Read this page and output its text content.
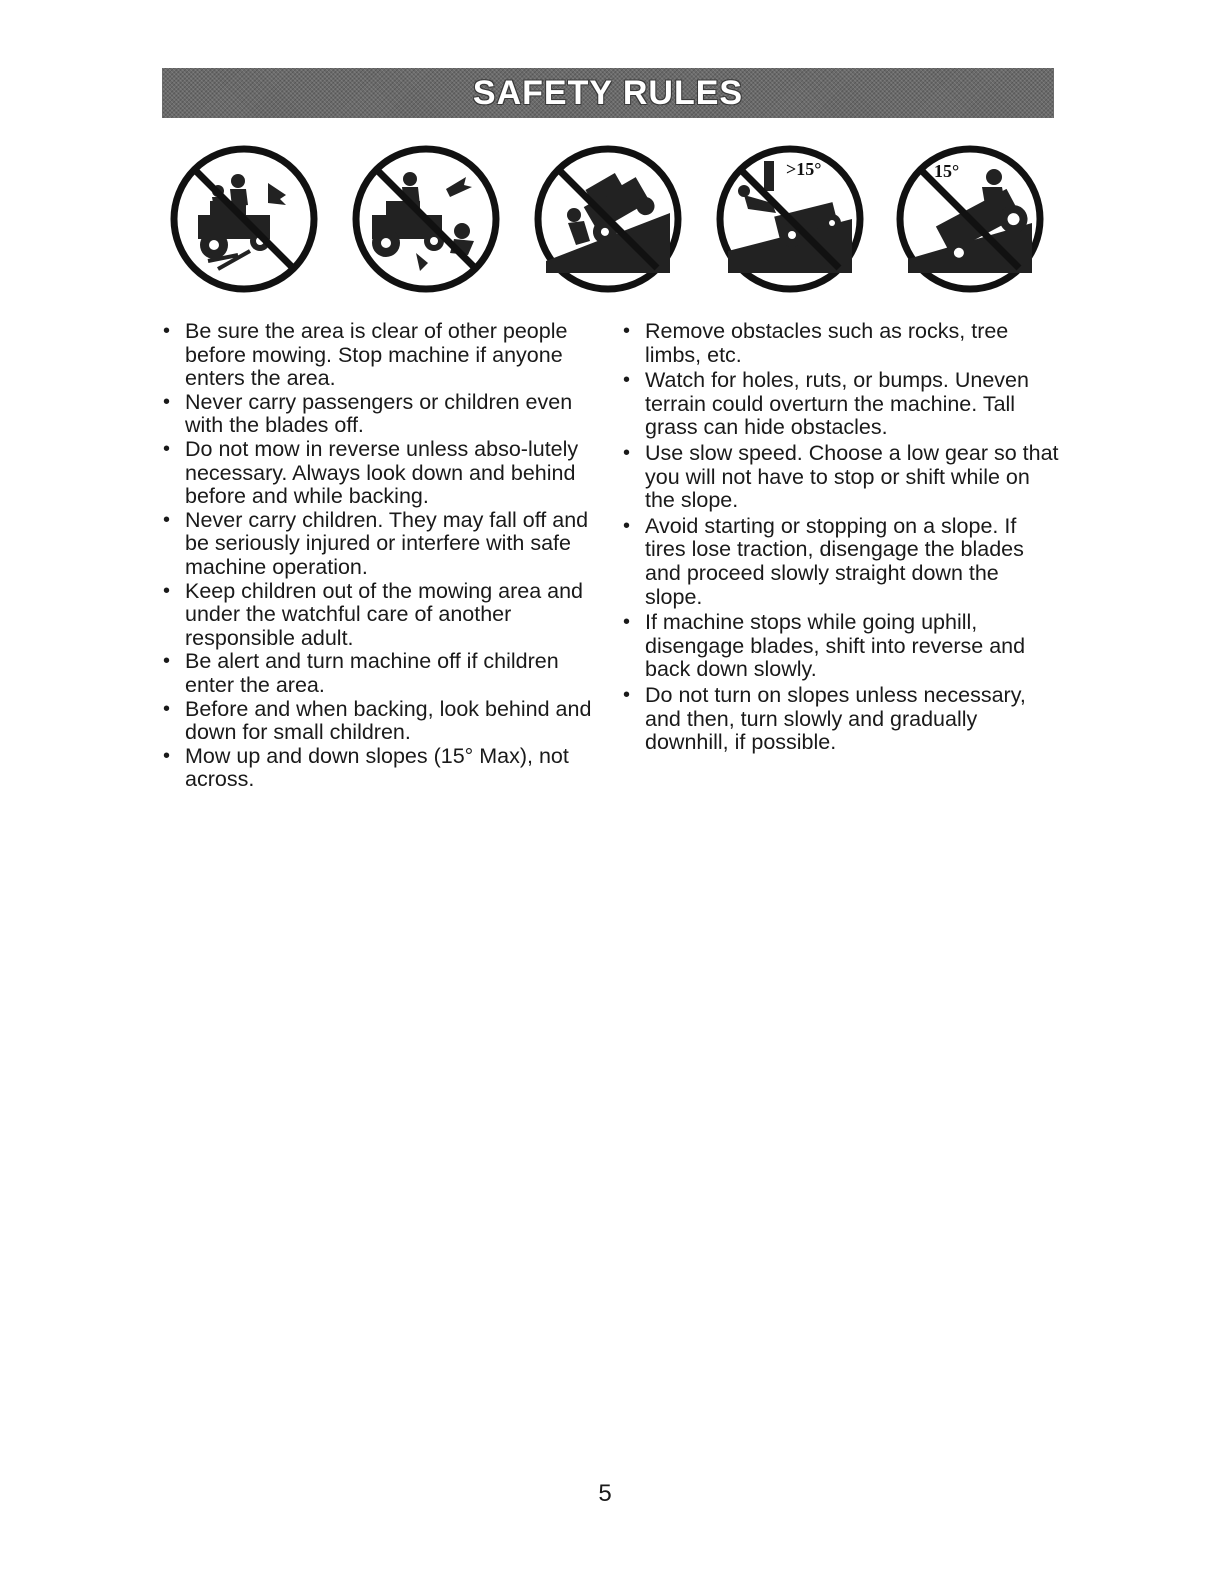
SAFETY RULES
>15°	15°
• Be sure the area is clear of other people before mowing. Stop machine if anyone enters the area.
• Never carry passengers or children even with the blades off.
• Do not mow in reverse unless abso-lutely necessary. Always look down and behind before and while backing.
• Never carry children. They may fall off and be seriously injured or interfere with safe machine operation.
• Keep children out of the mowing area and under the watchful care of another responsible adult.
• Be alert and turn machine off if children enter the area.
• Before and when backing, look behind and down for small children.
• Mow up and down slopes (15° Max), not across.
• Remove obstacles such as rocks, tree limbs, etc.
• Watch for holes, ruts, or bumps. Uneven terrain could overturn the machine. Tall grass can hide obstacles.
• Use slow speed. Choose a low gear so that you will not have to stop or shift while on the slope.
• Avoid starting or stopping on a slope. If tires lose traction, disengage the blades and proceed slowly straight down the slope.
• If machine stops while going uphill, disengage blades, shift into reverse and back down slowly.
• Do not turn on slopes unless necessary, and then, turn slowly and gradually downhill, if possible.
5
